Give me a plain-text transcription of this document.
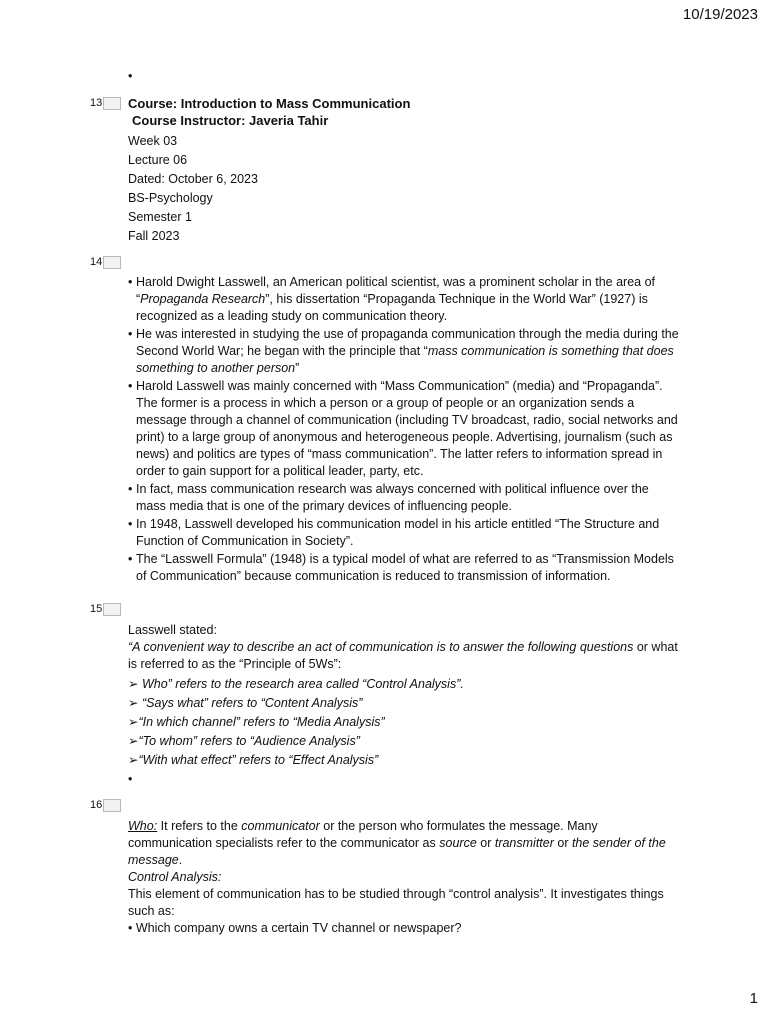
10/19/2023
•
13 Course: Introduction to Mass Communication
Course Instructor: Javeria Tahir
Week 03
Lecture 06
Dated: October 6, 2023
BS-Psychology
Semester 1
Fall 2023
14
• Harold Dwight Lasswell, an American political scientist, was a prominent scholar in the area of “Propaganda Research”, his dissertation “Propaganda Technique in the World War” (1927) is recognized as a leading study on communication theory.
• He was interested in studying the use of propaganda communication through the media during the Second World War; he began with the principle that “mass communication is something that does something to another person”
• Harold Lasswell was mainly concerned with “Mass Communication” (media) and “Propaganda”. The former is a process in which a person or a group of people or an organization sends a message through a channel of communication (including TV broadcast, radio, social networks and print) to a large group of anonymous and heterogeneous people. Advertising, journalism (such as news) and politics are types of “mass communication”. The latter refers to information spread in order to gain support for a political leader, party, etc.
• In fact, mass communication research was always concerned with political influence over the mass media that is one of the primary devices of influencing people.
• In 1948, Lasswell developed his communication model in his article entitled “The Structure and Function of Communication in Society”.
• The “Lasswell Formula” (1948) is a typical model of what are referred to as “Transmission Models of Communication” because communication is reduced to transmission of information.
15

Lasswell stated:

“A convenient way to describe an act of communication is to answer the following questions or what is referred to as the “Principle of 5Ws”:

➢ Who” refers to the research area called “Control Analysis”.
➢ “Says what” refers to “Content Analysis”
➢“In which channel” refers to “Media Analysis”
➢“To whom” refers to “Audience Analysis”
➢“With what effect” refers to “Effect Analysis”
•
16

Who: It refers to the communicator or the person who formulates the message. Many communication specialists refer to the communicator as source or transmitter or the sender of the message.

Control Analysis:

This element of communication has to be studied through “control analysis”. It investigates things such as:

• Which company owns a certain TV channel or newspaper?

1
